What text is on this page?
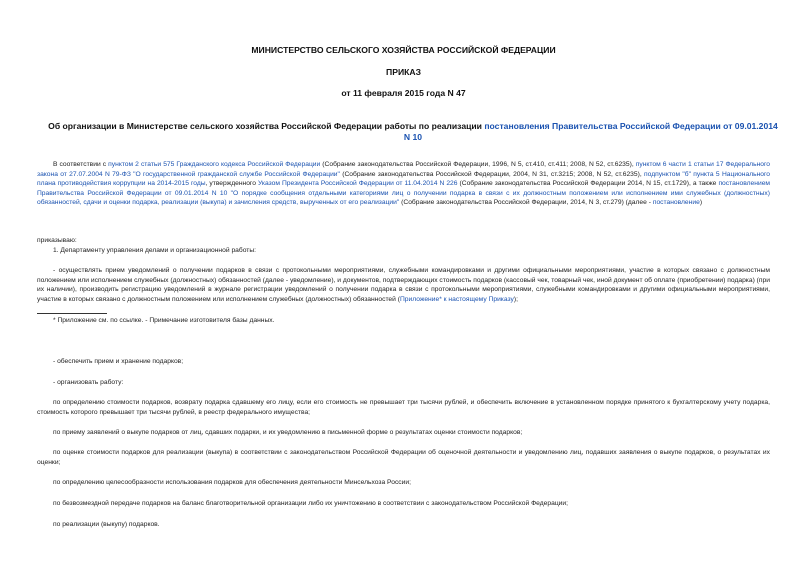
МИНИСТЕРСТВО СЕЛЬСКОГО ХОЗЯЙСТВА РОССИЙСКОЙ ФЕДЕРАЦИИ
ПРИКАЗ
от 11 февраля 2015 года N 47
Об организации в Министерстве сельского хозяйства Российской Федерации работы по реализации постановления Правительства Российской Федерации от 09.01.2014 N 10
В соответствии с пунктом 2 статьи 575 Гражданского кодекса Российской Федерации (Собрание законодательства Российской Федерации, 1996, N 5, ст.410, ст.411; 2008, N 52, ст.6235), пунктом 6 части 1 статьи 17 Федерального закона от 27.07.2004 N 79-ФЗ "О государственной гражданской службе Российской Федерации" (Собрание законодательства Российской Федерации, 2004, N 31, ст.3215; 2008, N 52, ст.6235), подпунктом "б" пункта 5 Национального плана противодействия коррупции на 2014-2015 годы, утвержденного Указом Президента Российской Федерации от 11.04.2014 N 226 (Собрание законодательства Российской Федерации 2014, N 15, ст.1729), а также постановлением Правительства Российской Федерации от 09.01.2014 N 10 "О порядке сообщения отдельными категориями лиц о получении подарка в связи с их должностным положением или исполнением ими служебных (должностных) обязанностей, сдачи и оценки подарка, реализации (выкупа) и зачисления средств, вырученных от его реализации" (Собрание законодательства Российской Федерации, 2014, N 3, ст.279) (далее - постановление)
приказываю:
1. Департаменту управления делами и организационной работы:
- осуществлять прием уведомлений о получении подарков в связи с протокольными мероприятиями, служебными командировками и другими официальными мероприятиями, участие в которых связано с должностным положением или исполнением служебных (должностных) обязанностей (далее - уведомление), и документов, подтверждающих стоимость подарков (кассовый чек, товарный чек, иной документ об оплате (приобретении) подарка) (при их наличии), производить регистрацию уведомлений в журнале регистрации уведомлений о получении подарка в связи с протокольными мероприятиями, служебными командировками и другими официальными мероприятиями, участие в которых связано с должностным положением или исполнением служебных (должностных) обязанностей (Приложение* к настоящему Приказу);
* Приложение см. по ссылке. - Примечание изготовителя базы данных.
- обеспечить прием и хранение подарков;
- организовать работу:
по определению стоимости подарков, возврату подарка сдавшему его лицу, если его стоимость не превышает три тысячи рублей, и обеспечить включение в установленном порядке принятого к бухгалтерскому учету подарка, стоимость которого превышает три тысячи рублей, в реестр федерального имущества;
по приему заявлений о выкупе подарков от лиц, сдавших подарки, и их уведомлению в письменной форме о результатах оценки стоимости подарков;
по оценке стоимости подарков для реализации (выкупа) в соответствии с законодательством Российской Федерации об оценочной деятельности и уведомлению лиц, подавших заявления о выкупе подарков, о результатах их оценки;
по определению целесообразности использования подарков для обеспечения деятельности Минсельхоза России;
по безвозмездной передаче подарков на баланс благотворительной организации либо их уничтожению в соответствии с законодательством Российской Федерации;
по реализации (выкупу) подарков.
